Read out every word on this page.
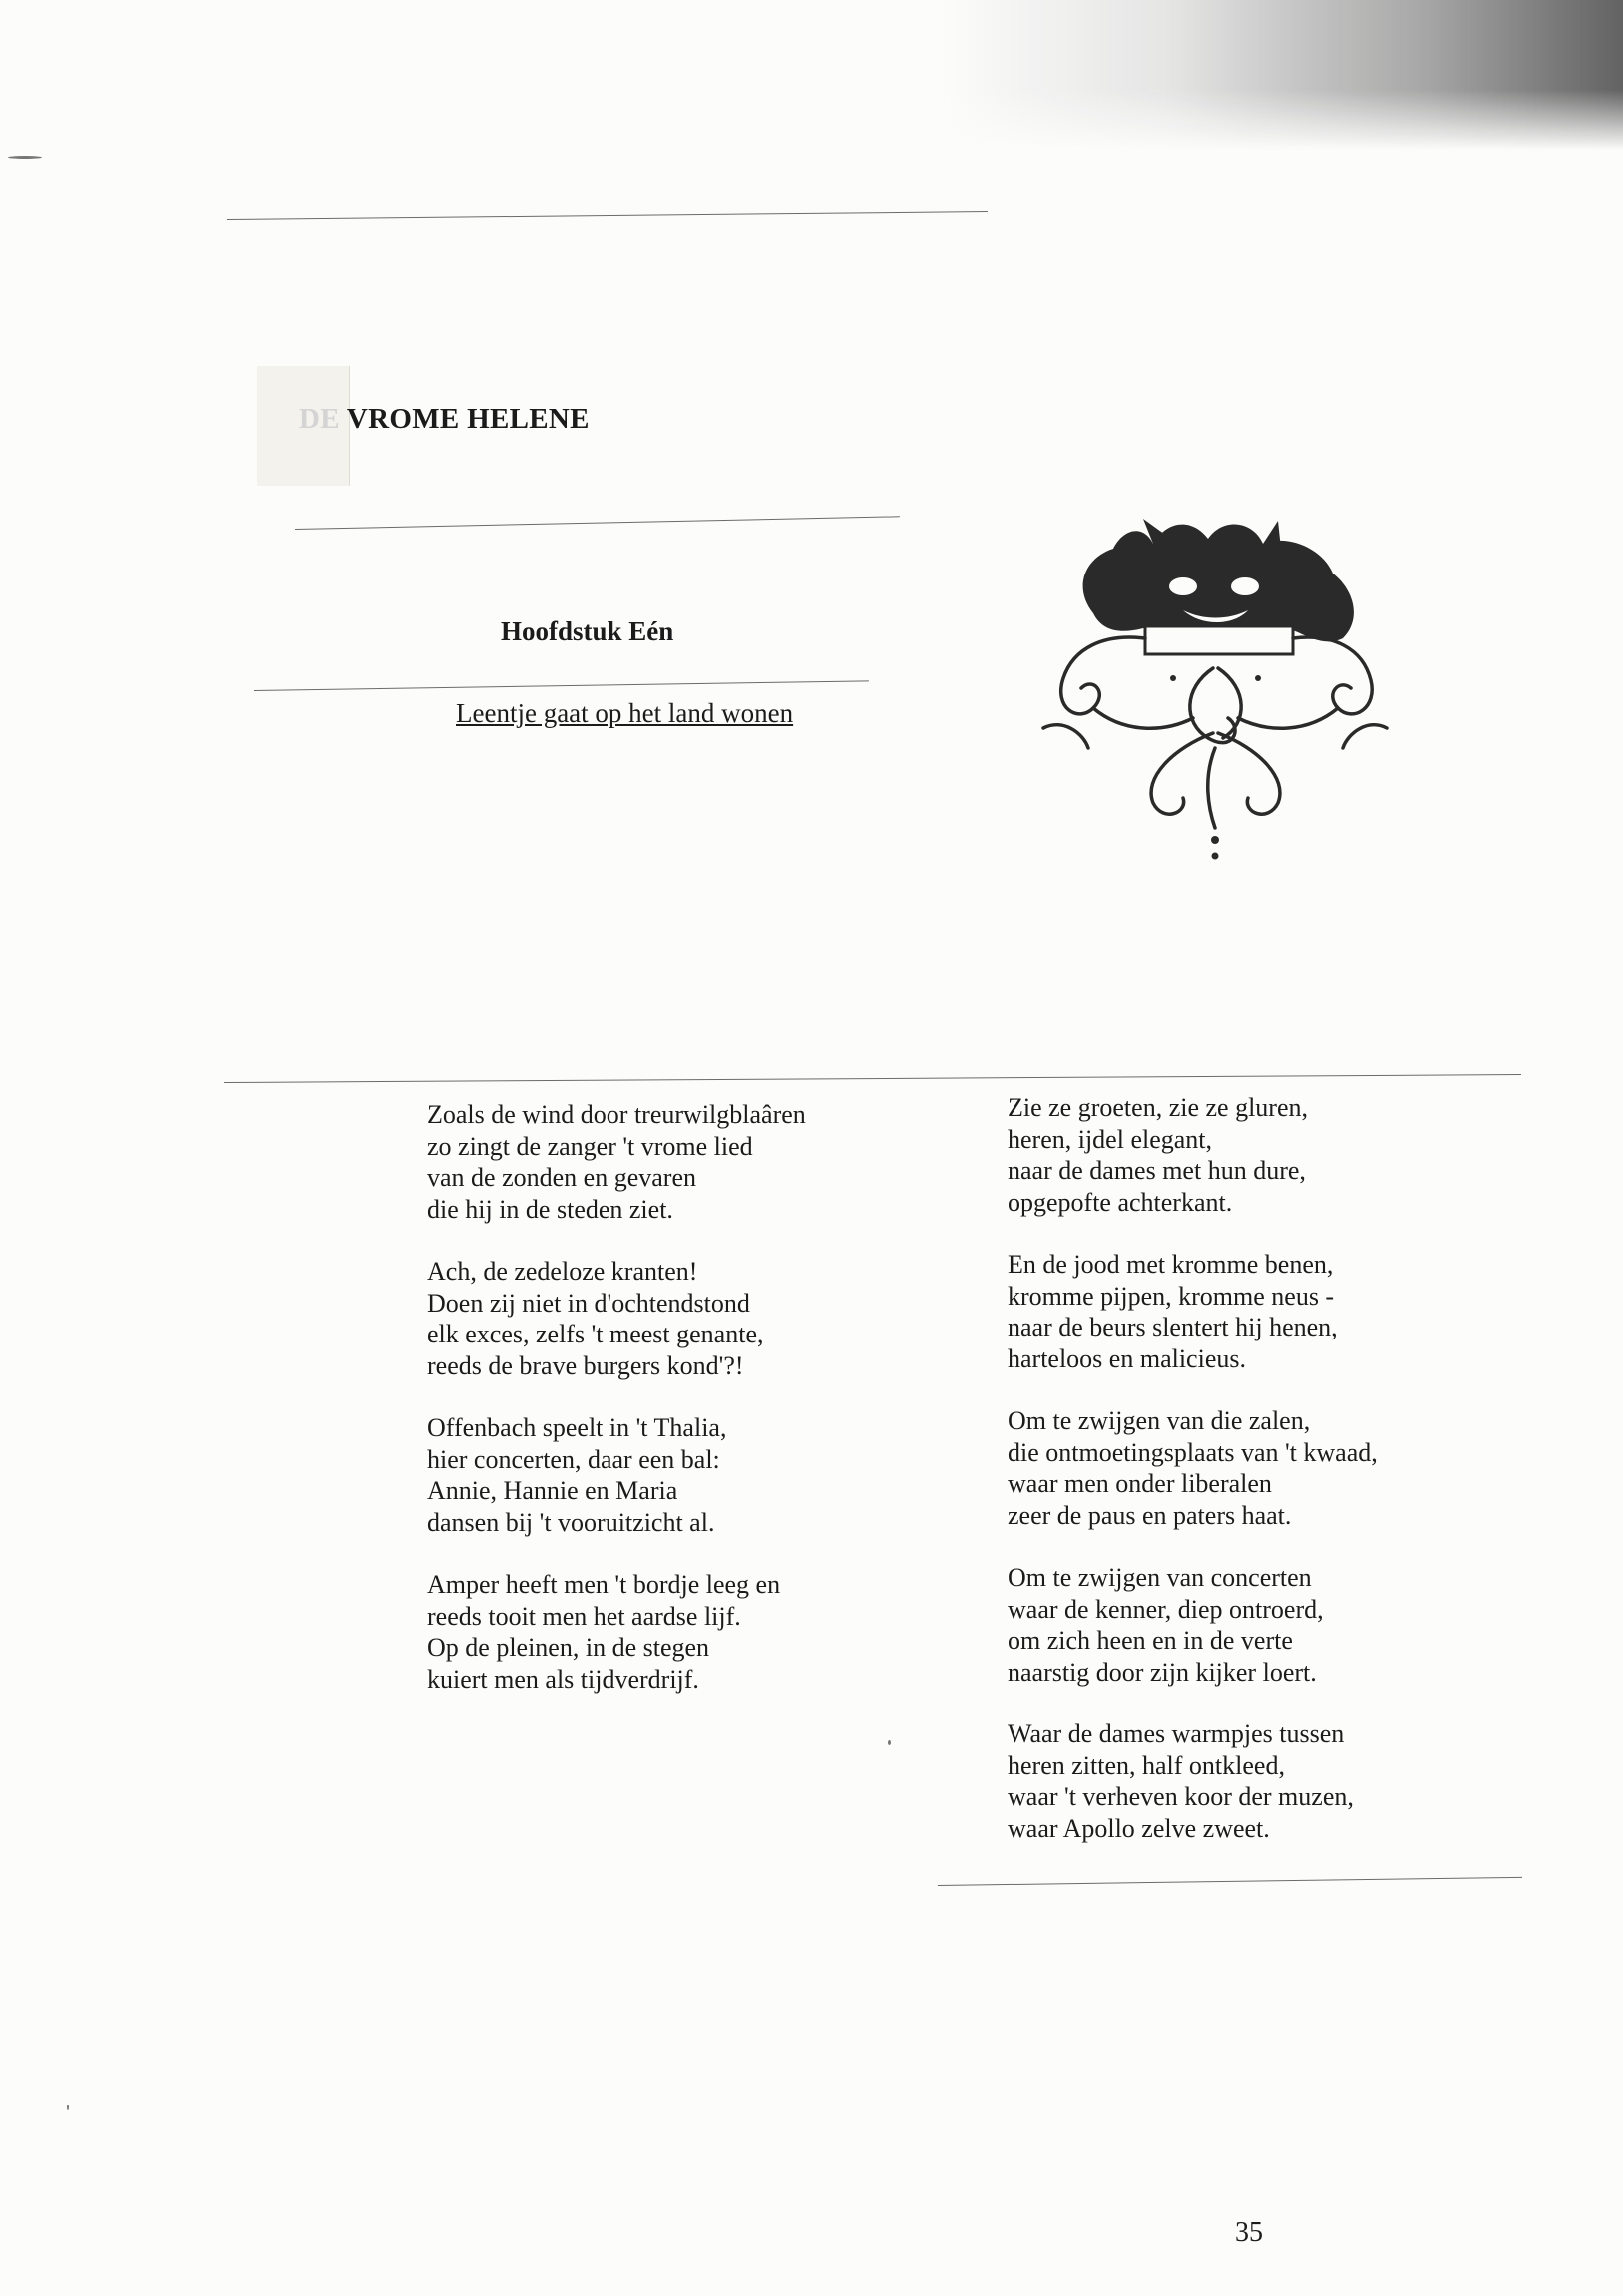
DE VROME HELENE
Hoofdstuk Eén

Leentje gaat op het land wonen

Zoals de wind door treurwilgblaâren
zo zingt de zanger 't vrome lied
van de zonden en gevaren
die hij in de steden ziet.
Ach, de zedeloze kranten!
Doen zij niet in d'ochtendstond
elk exces, zelfs 't meest genante,
reeds de brave burgers kond'?!
Offenbach speelt in 't Thalia,
hier concerten, daar een bal:
Annie, Hannie en Maria
dansen bij 't vooruitzicht al.
Amper heeft men 't bordje leeg en
reeds tooit men het aardse lijf.
Op de pleinen, in de stegen
kuiert men als tijdverdrijf.
Zie ze groeten, zie ze gluren,
heren, ijdel elegant,
naar de dames met hun dure,
opgepofte achterkant.
En de jood met kromme benen,
kromme pijpen, kromme neus -
naar de beurs slentert hij henen,
harteloos en malicieus.
Om te zwijgen van die zalen,
die ontmoetingsplaats van 't kwaad,
waar men onder liberalen
zeer de paus en paters haat.
Om te zwijgen van concerten
waar de kenner, diep ontroerd,
om zich heen en in de verte
naarstig door zijn kijker loert.
Waar de dames warmpjes tussen
heren zitten, half ontkleed,
waar 't verheven koor der muzen,
waar Apollo zelve zweet.

35
